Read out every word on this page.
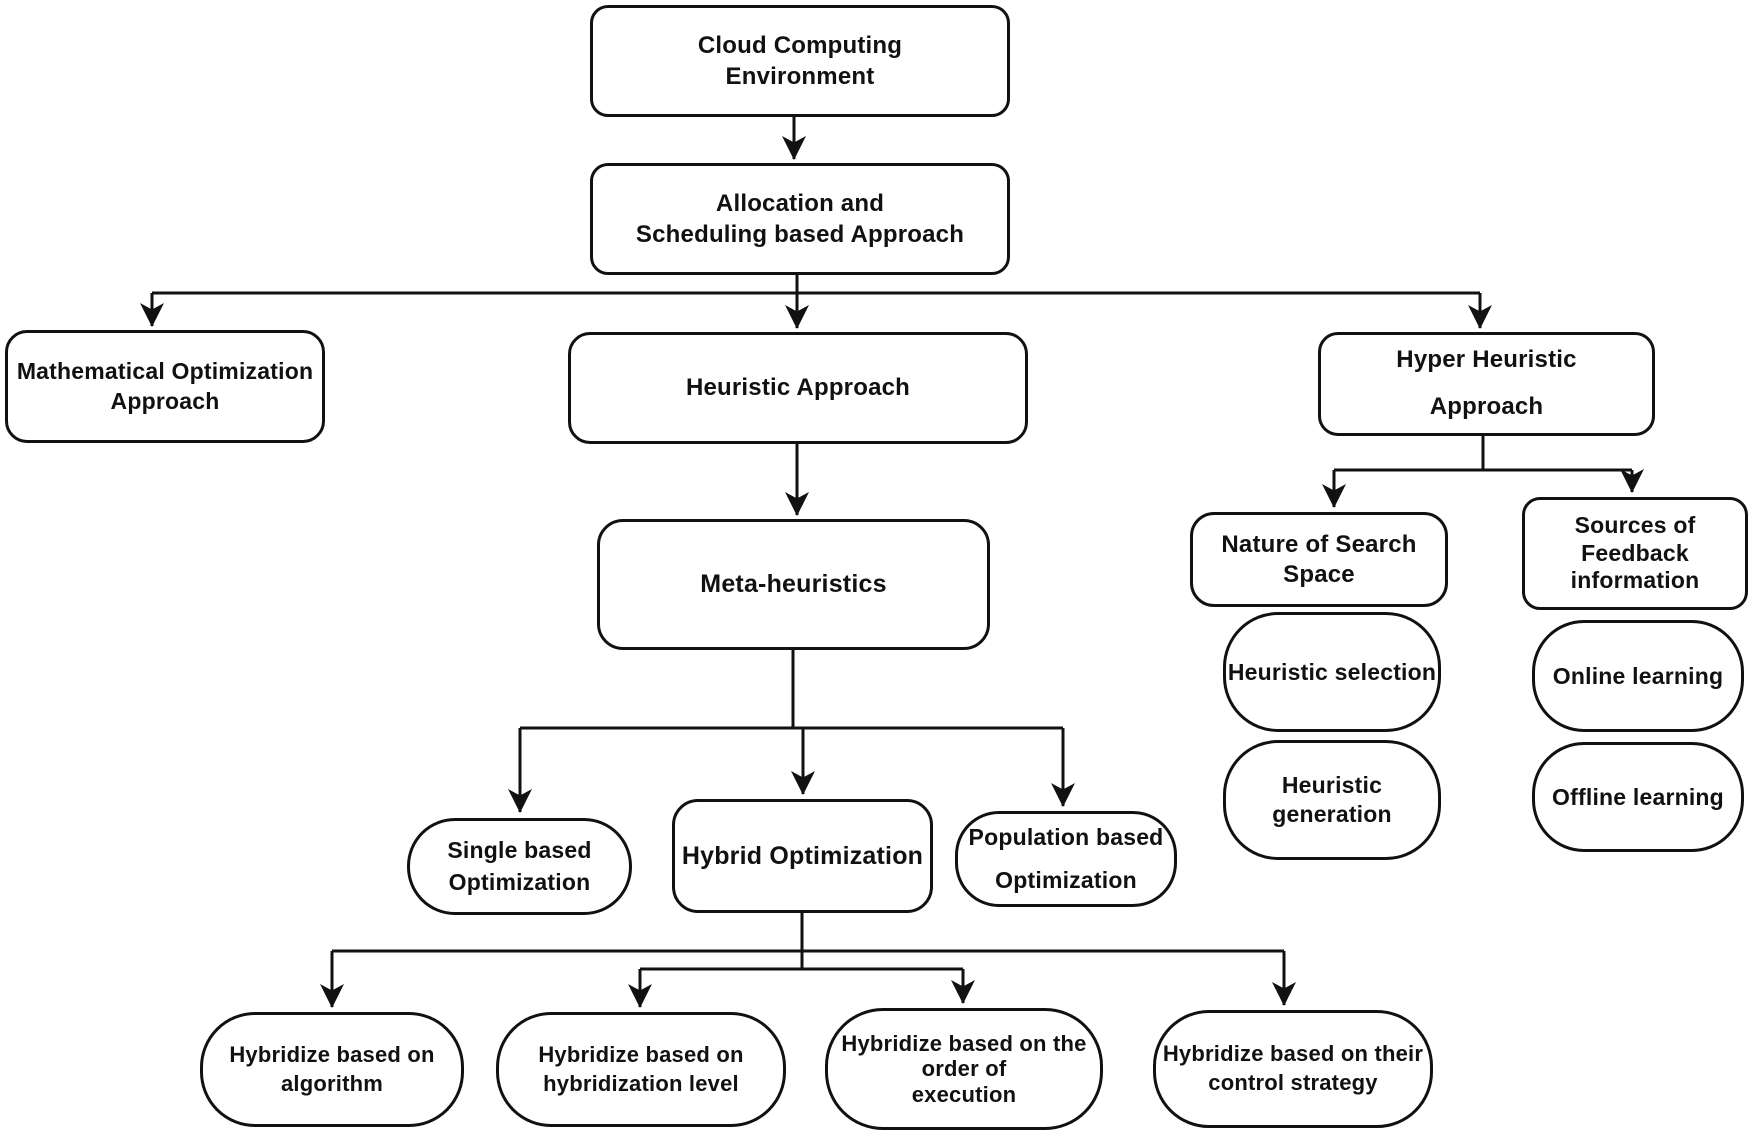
Cloud Computing
Environment
Allocation and
Scheduling based Approach
Mathematical Optimization
Approach	Heuristic Approach
Hyper Heuristic
Approach
Meta-heuristics
Single based
Optimization
Hybrid Optimization
Population based
Optimization
Nature of Search
Space
Sources of
Feedback
information
Heuristic selection
Heuristic
generation
Online learning
Offline learning
Hybridize based on
algorithm
Hybridize based on
hybridization level
Hybridize based on the
order of
execution
Hybridize based on their
control strategy
